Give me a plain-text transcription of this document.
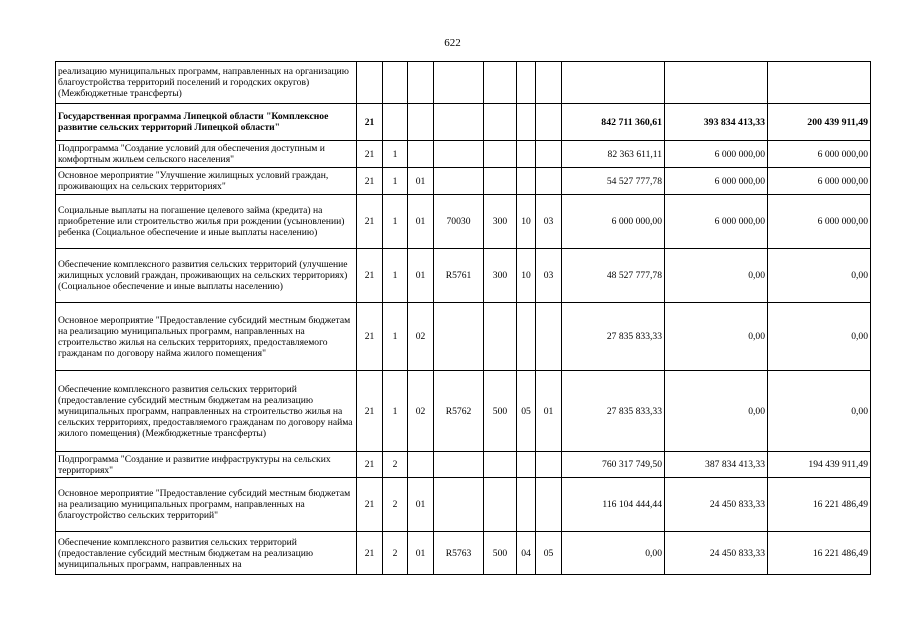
622
реализацию муниципальных программ, направленных на организацию благоустройства территорий поселений и городских округов) (Межбюджетные трансферты)										
Государственная программа Липецкой области "Комплексное развитие сельских территорий Липецкой области"	21							842 711 360,61	393 834 413,33	200 439 911,49
Подпрограмма "Создание условий для обеспечения доступным и комфортным жильем сельского населения"	21	1						82 363 611,11	6 000 000,00	6 000 000,00
Основное мероприятие "Улучшение жилищных условий граждан, проживающих на сельских территориях"	21	1	01					54 527 777,78	6 000 000,00	6 000 000,00
Социальные выплаты на погашение целевого займа (кредита) на приобретение или строительство жилья при рождении (усыновлении) ребенка (Социальное обеспечение и иные выплаты населению)	21	1	01	70030	300	10	03	6 000 000,00	6 000 000,00	6 000 000,00
Обеспечение комплексного развития сельских территорий (улучшение жилищных условий граждан, проживающих на сельских территориях) (Социальное обеспечение и иные выплаты населению)	21	1	01	R5761	300	10	03	48 527 777,78	0,00	0,00
Основное мероприятие "Предоставление субсидий местным бюджетам на реализацию муниципальных программ, направленных на строительство жилья на сельских территориях, предоставляемого гражданам по договору найма жилого помещения"	21	1	02					27 835 833,33	0,00	0,00
Обеспечение комплексного развития сельских территорий (предоставление субсидий местным бюджетам на реализацию муниципальных программ, направленных на строительство жилья на сельских территориях, предоставляемого гражданам по договору найма жилого помещения) (Межбюджетные трансферты)	21	1	02	R5762	500	05	01	27 835 833,33	0,00	0,00
Подпрограмма "Создание и развитие инфраструктуры на сельских территориях"	21	2						760 317 749,50	387 834 413,33	194 439 911,49
Основное мероприятие "Предоставление субсидий местным бюджетам на реализацию муниципальных программ, направленных на благоустройство сельских территорий"	21	2	01					116 104 444,44	24 450 833,33	16 221 486,49
Обеспечение комплексного развития сельских территорий (предоставление субсидий местным бюджетам на реализацию муниципальных программ, направленных на	21	2	01	R5763	500	04	05	0,00	24 450 833,33	16 221 486,49
